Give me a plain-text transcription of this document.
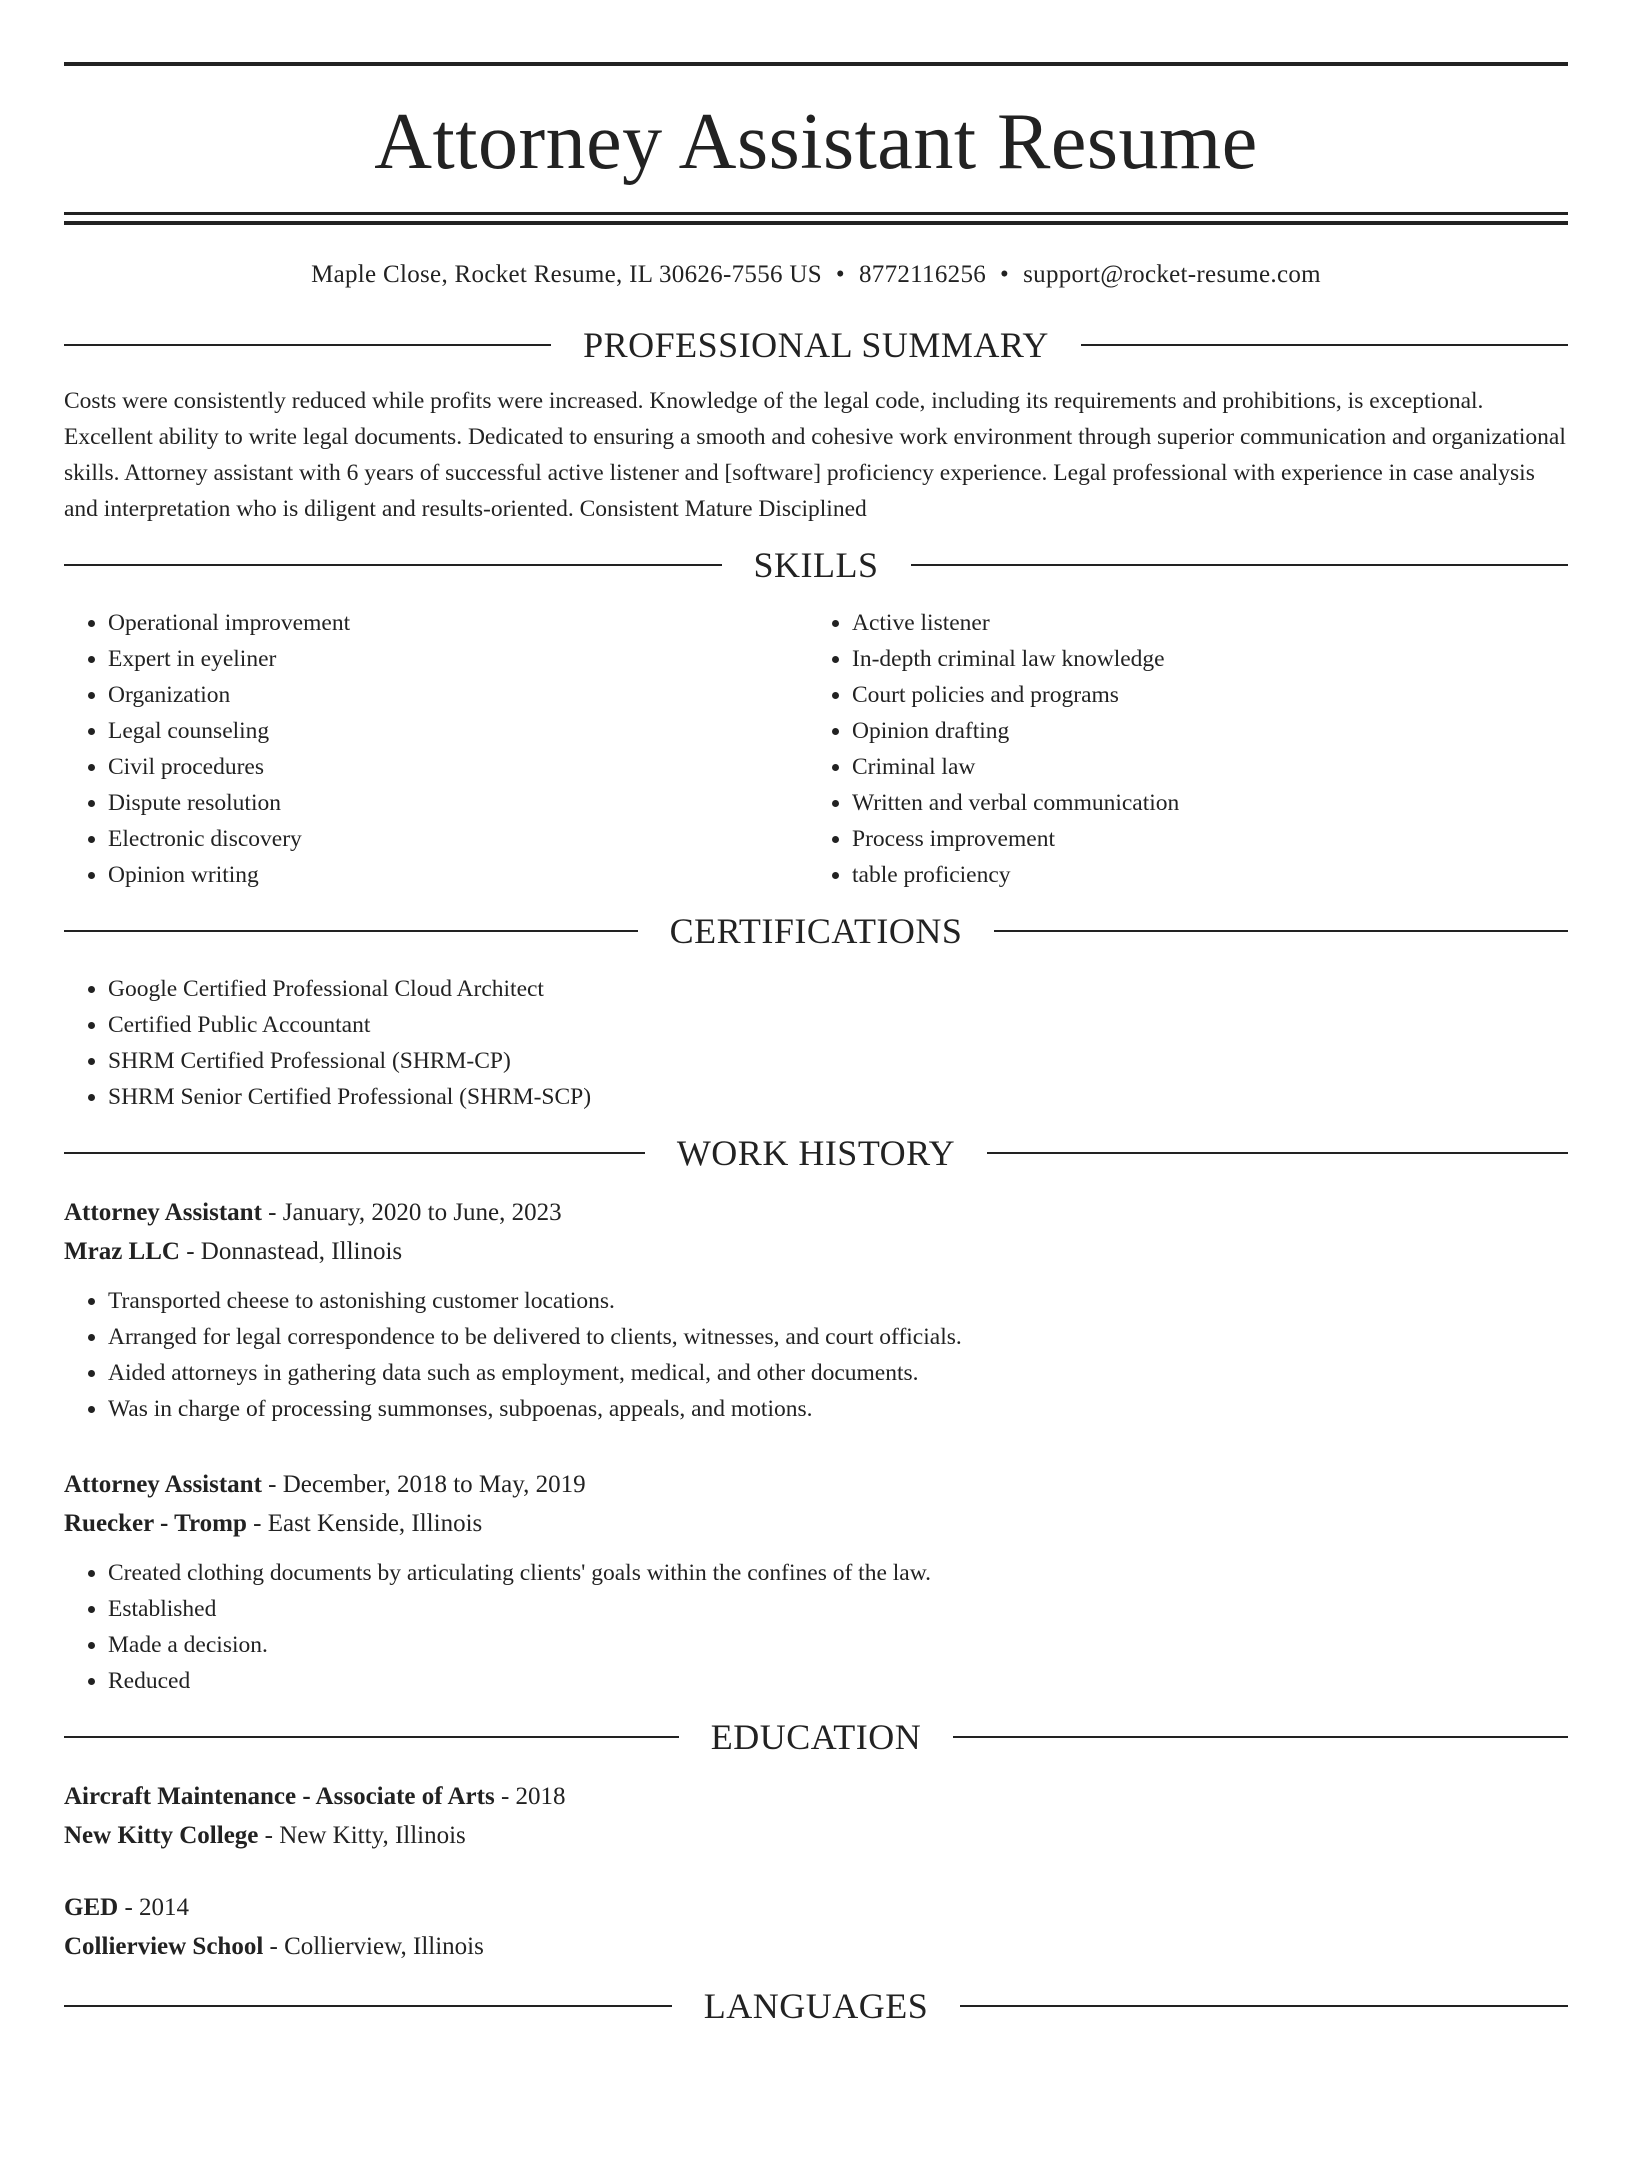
Attorney Assistant Resume
Maple Close, Rocket Resume, IL 30626-7556 US • 8772116256 • support@rocket-resume.com
PROFESSIONAL SUMMARY
Costs were consistently reduced while profits were increased. Knowledge of the legal code, including its requirements and prohibitions, is exceptional. Excellent ability to write legal documents. Dedicated to ensuring a smooth and cohesive work environment through superior communication and organizational skills. Attorney assistant with 6 years of successful active listener and [software] proficiency experience. Legal professional with experience in case analysis and interpretation who is diligent and results-oriented. Consistent Mature Disciplined
SKILLS
• Operational improvement
• Expert in eyeliner
• Organization
• Legal counseling
• Civil procedures
• Dispute resolution
• Electronic discovery
• Opinion writing
• Active listener
• In-depth criminal law knowledge
• Court policies and programs
• Opinion drafting
• Criminal law
• Written and verbal communication
• Process improvement
• table proficiency
CERTIFICATIONS
• Google Certified Professional Cloud Architect
• Certified Public Accountant
• SHRM Certified Professional (SHRM-CP)
• SHRM Senior Certified Professional (SHRM-SCP)
WORK HISTORY
Attorney Assistant - January, 2020 to June, 2023
Mraz LLC - Donnastead, Illinois
• Transported cheese to astonishing customer locations.
• Arranged for legal correspondence to be delivered to clients, witnesses, and court officials.
• Aided attorneys in gathering data such as employment, medical, and other documents.
• Was in charge of processing summonses, subpoenas, appeals, and motions.
Attorney Assistant - December, 2018 to May, 2019
Ruecker - Tromp - East Kenside, Illinois
• Created clothing documents by articulating clients' goals within the confines of the law.
• Established
• Made a decision.
• Reduced
EDUCATION
Aircraft Maintenance - Associate of Arts - 2018
New Kitty College - New Kitty, Illinois
GED - 2014
Collierview School - Collierview, Illinois
LANGUAGES
